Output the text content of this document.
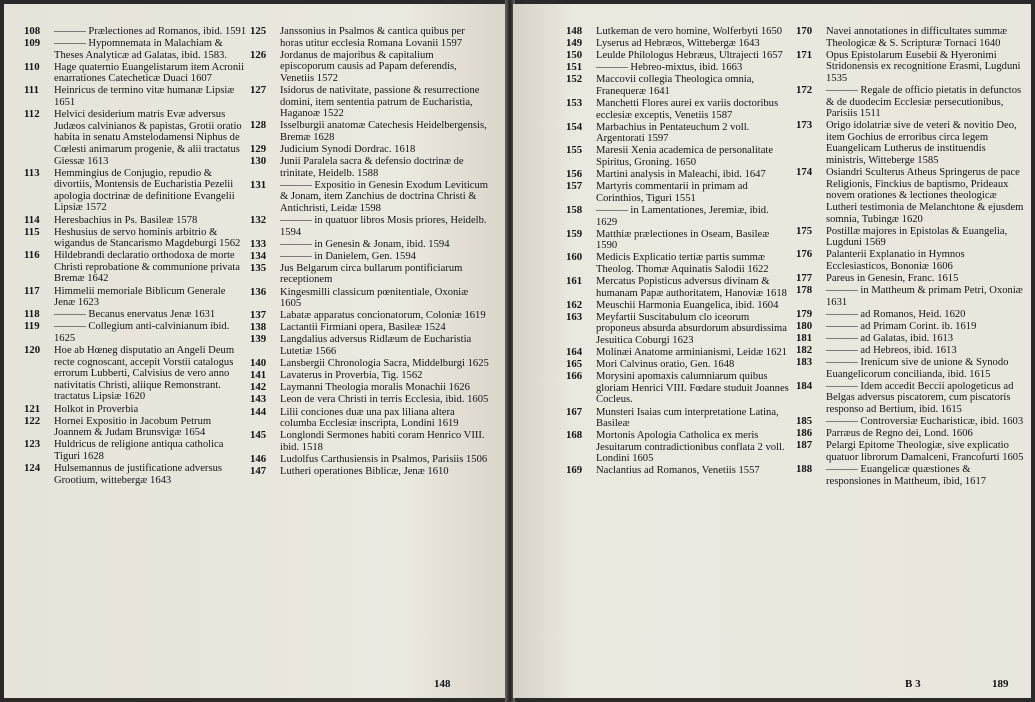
108	——— Prælectiones ad Romanos, ibid. 1591
109	——— Hypomnemata in Malachiam & Theses Analyticæ ad Galatas, ibid. 1583.
110	Hage quaternio Euangelistarum item Acronii enarrationes Catecheticæ Duaci 1607
111	Heinricus de termino vitæ humanæ Lipsiæ 1651
112	Helvici desiderium matris Evæ adversus Judæos calvinianos & papistas, Grotii oratio habita in senatu Amstelodamensi Niphus de Cœlesti animarum progenie, & alii tractatus Giessæ 1613
113	Hemmingius de Conjugio, repudio & divortiis, Montensis de Eucharistia Pezelii apologia doctrinæ de definitione Evangelii Lipsiæ 1572
114	Heresbachius in Ps. Basileæ 1578
115	Heshusius de servo hominis arbitrio & wigandus de Stancarismo Magdeburgi 1562
116	Hildebrandi declaratio orthodoxa de morte Christi reprobatione & communione privata Bremæ 1642
117	Himmelii memoriale Biblicum Generale Jenæ 1623
118	——— Becanus enervatus Jenæ 1631
119	——— Collegium anti-calvinianum ibid. 1625
120	Hoe ab Hœneg disputatio an Angeli Deum recte cognoscant, accepit Vorstii catalogus errorum Lubberti, Calvisius de vero anno nativitatis Christi, aliique Remonstrant. tractatus Lipsiæ 1620
121	Holkot in Proverbia
122	Hornei Expositio in Jacobum Petrum Joannem & Judam Brunsvigæ 1654
123	Huldricus de religione antiqua catholica Tiguri 1628
124	Hulsemannus de justificatione adversus Grootium, wittebergæ 1643
125	Janssonius in Psalmos & cantica quibus per horas utitur ecclesia Romana Lovanii 1597
126	Jordanus de majoribus & capitalium episcoporum causis ad Papam deferendis, Venetiis 1572
127	Isidorus de nativitate, passione & resurrectione domini, item sententia patrum de Eucharistia, Haganoæ 1522
128	Isselburgii anatomæ Catechesis Heidelbergensis, Bremæ 1628
129	Judicium Synodi Dordrac. 1618
130	Junii Paralela sacra & defensio doctrinæ de trinitate, Heidelb. 1588
131	——— Expositio in Genesin Exodum Leviticum & Jonam, item Zanchius de doctrina Christi & Antichristi, Leidæ 1598
132	——— in quatuor libros Mosis priores, Heidelb. 1594
133	——— in Genesin & Jonam, ibid. 1594
134	——— in Danielem, Gen. 1594
135	Jus Belgarum circa bullarum pontificiarum receptionem
136	Kingesmilli classicum pœnitentiale, Oxoniæ 1605
137	Labatæ apparatus concionatorum, Coloniæ 1619
138	Lactantii Firmiani opera, Basileæ 1524
139	Langdalius adversus Ridlæum de Eucharistia Lutetiæ 1566
140	Lansbergii Chronologia Sacra, Middelburgi 1625
141	Lavaterus in Proverbia, Tig. 1562
142	Laymanni Theologia moralis Monachii 1626
143	Leon de vera Christi in terris Ecclesia, ibid. 1605
144	Lilii conciones duæ una pax liliana altera columba Ecclesiæ inscripta, Londini 1619
145	Longlondi Sermones habiti coram Henrico VIII. ibid. 1518
146	Ludolfus Carthusiensis in Psalmos, Parisiis 1506
147	Lutheri operationes Biblicæ, Jenæ 1610
148
148	Lutkeman de vero homine, Wolferbyti 1650
149	Lyserus ad Hebræos, Wittebergæ 1643
150	Leulde Philologus Hebræus, Ultrajecti 1657
151	——— Hebreo-mixtus, ibid. 1663
152	Maccovii collegia Theologica omnia, Franequeræ 1641
153	Manchetti Flores aurei ex variis doctoribus ecclesiæ exceptis, Venetiis 1587
154	Marbachius in Pentateuchum 2 voll. Argentorati 1597
155	Maresii Xenia academica de personalitate Spiritus, Groning. 1650
156	Martini analysis in Maleachi, ibid. 1647
157	Martyris commentarii in primam ad Corinthios, Tiguri 1551
158	——— in Lamentationes, Jeremiæ, ibid. 1629
159	Matthiæ prælectiones in Oseam, Basileæ 1590
160	Medicis Explicatio tertiæ partis summæ Theolog. Thomæ Aquinatis Salodii 1622
161	Mercatus Popisticus adversus divinam & humanam Papæ authoritatem, Hanoviæ 1618
162	Meuschii Harmonia Euangelica, ibid. 1604
163	Meyfartii Suscitabulum clo iceorum proponeus absurda absurdorum absurdissima Jesuitica Coburgi 1623
164	Molinæi Anatome arminianismi, Leidæ 1621
165	Mori Calvinus oratio, Gen. 1648
166	Morysini apomaxis calumniarum quibus gloriam Henrici VIII. Fœdare studuit Joannes Cocleus.
167	Munsteri Isaias cum interpretatione Latina, Basileæ
168	Mortonis Apologia Catholica ex meris Jesuitarum contradictionibus conflata 2 voll. Londini 1605
169	Naclantius ad Romanos, Venetiis 1557
170	Navei annotationes in difficultates summæ Theologicæ & S. Scripturæ Tornaci 1640
171	Opus Epistolarum Eusebii & Hyeronimi Stridonensis ex recognitione Erasmi, Lugduni 1535
172	——— Regale de officio pietatis in defunctos & de duodecim Ecclesiæ persecutionibus, Parisiis 1511
173	Origo idolatriæ sive de veteri & novitio Deo, item Gochius de erroribus circa legem Euangelicam Lutherus de instituendis ministris, Witteberge 1585
174	Osiandri Sculterus Atheus Springerus de pace Religionis, Finckius de baptismo, Prideaux novem orationes & lectiones theologicæ Lutheri testimonia de Melanchtone & ejusdem somnia, Tubingæ 1620
175	Postillæ majores in Epistolas & Euangelia, Lugduni 1569
176	Palanterii Explanatio in Hymnos Ecclesiasticos, Bononiæ 1606
177	Pareus in Genesin, Franc. 1615
178	——— in Mattheum & primam Petri, Oxoniæ 1631
179	——— ad Romanos, Heid. 1620
180	——— ad Primam Corint. ib. 1619
181	——— ad Galatas, ibid. 1613
182	——— ad Hebreos, ibid. 1613
183	——— Irenicum sive de unione & Synodo Euangelicorum concilianda, ibid. 1615
184	——— Idem accedit Beccii apologeticus ad Belgas adversus piscatorem, cum piscatoris responso ad Bertium, ibid. 1615
185	——— Controversiæ Eucharisticæ, ibid. 1603
186	Parræus de Regno dei, Lond. 1606
187	Pelargi Epitome Theologiæ, sive explicatio quatuor librorum Damalceni, Francofurti 1605
188	——— Euangelicæ quæstiones & responsiones in Mattheum, ibid, 1617
B 3	189
